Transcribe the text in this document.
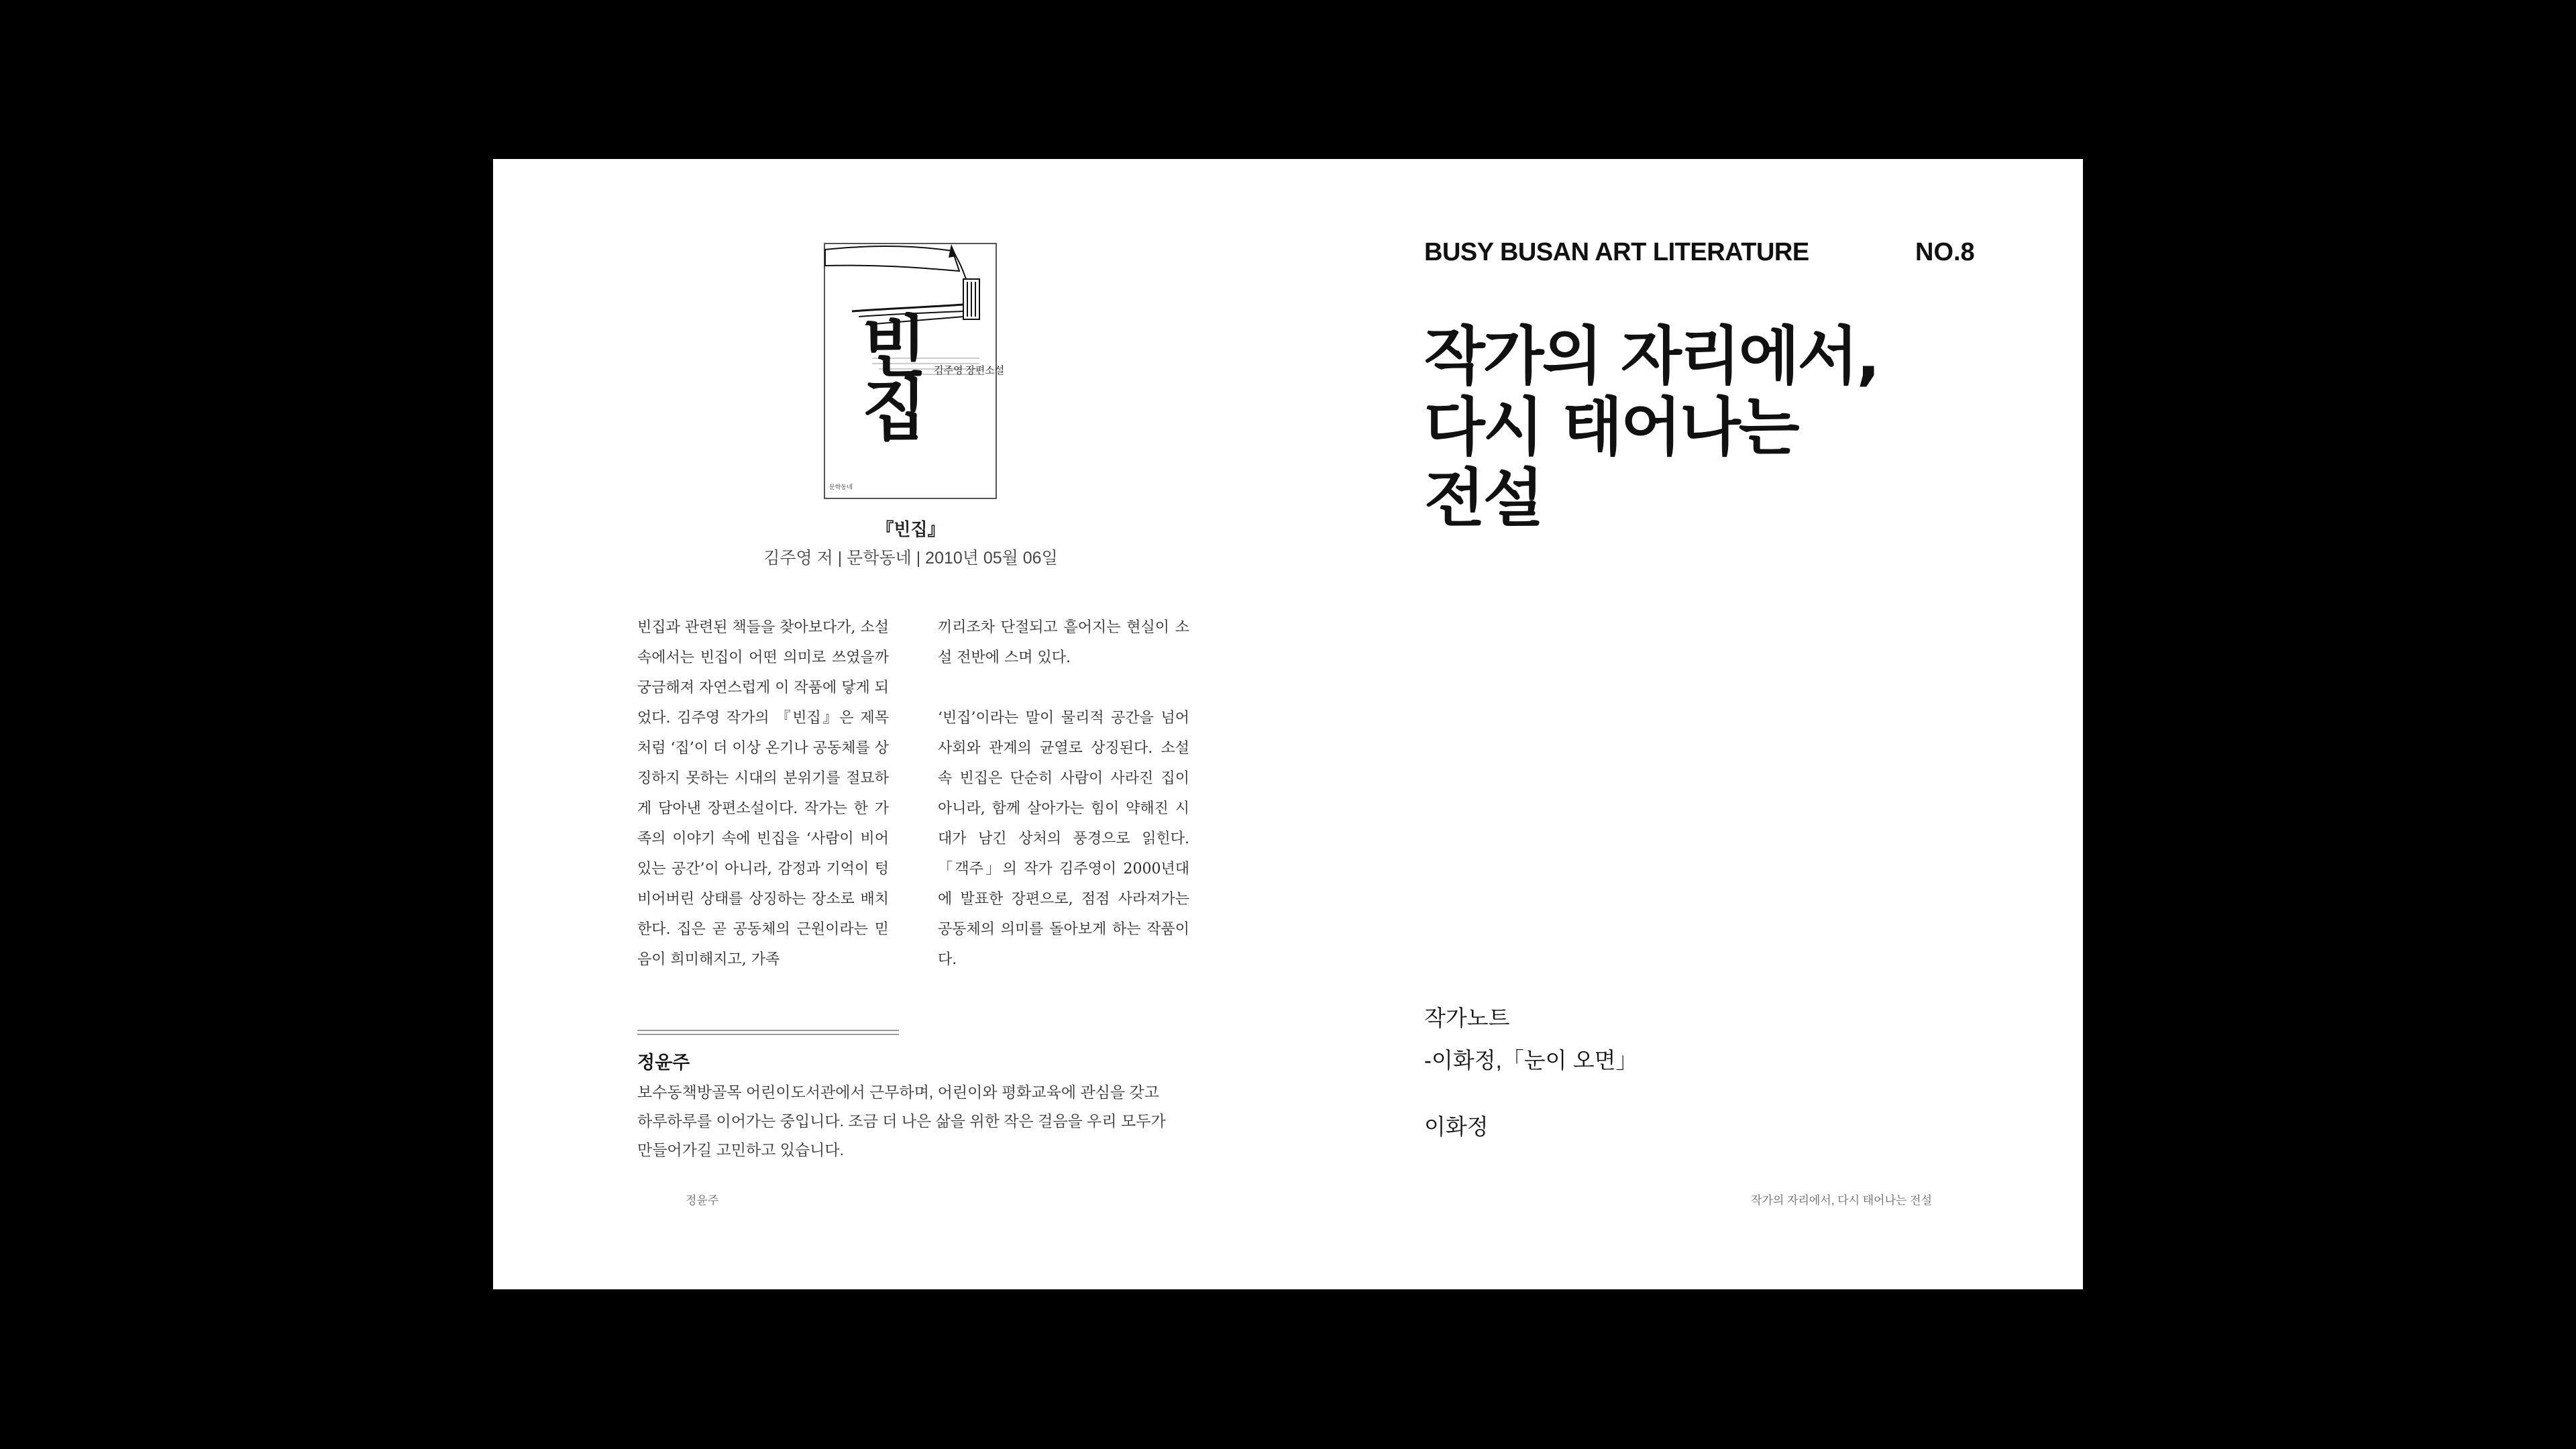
빈집 김주영 장편소설
문학동네
『빈집』
김주영 저 | 문학동네 | 2010년 05월 06일

빈집과 관련된 책들을 찾아보다가, 소설 속에서는 빈집이 어떤 의미로 쓰였을까 궁금해져 자연스럽게 이 작품에 닿게 되었다. 김주영 작가의 『빈집』은 제목처럼 ‘집’이 더 이상 온기나 공동체를 상징하지 못하는 시대의 분위기를 절묘하게 담아낸 장편소설이다. 작가는 한 가족의 이야기 속에 빈집을 ‘사람이 비어 있는 공간’이 아니라, 감정과 기억이 텅 비어버린 상태를 상징하는 장소로 배치한다. 집은 곧 공동체의 근원이라는 믿음이 희미해지고, 가족

끼리조차 단절되고 흩어지는 현실이 소설 전반에 스며 있다.

‘빈집’이라는 말이 물리적 공간을 넘어 사회와 관계의 균열로 상징된다. 소설 속 빈집은 단순히 사람이 사라진 집이 아니라, 함께 살아가는 힘이 약해진 시대가 남긴 상처의 풍경으로 읽힌다. 「객주」의 작가 김주영이 2000년대에 발표한 장편으로, 점점 사라져가는 공동체의 의미를 돌아보게 하는 작품이다.

정윤주
보수동책방골목 어린이도서관에서 근무하며, 어린이와 평화교육에 관심을 갖고
하루하루를 이어가는 중입니다. 조금 더 나은 삶을 위한 작은 걸음을 우리 모두가
만들어가길 고민하고 있습니다.
정윤주
BUSY BUSAN ART LITERATURE	NO.8
작가의 자리에서,
다시 태어나는
전설
작가노트
-이화정,「눈이 오면」
이화정
작가의 자리에서, 다시 태어나는 전설
